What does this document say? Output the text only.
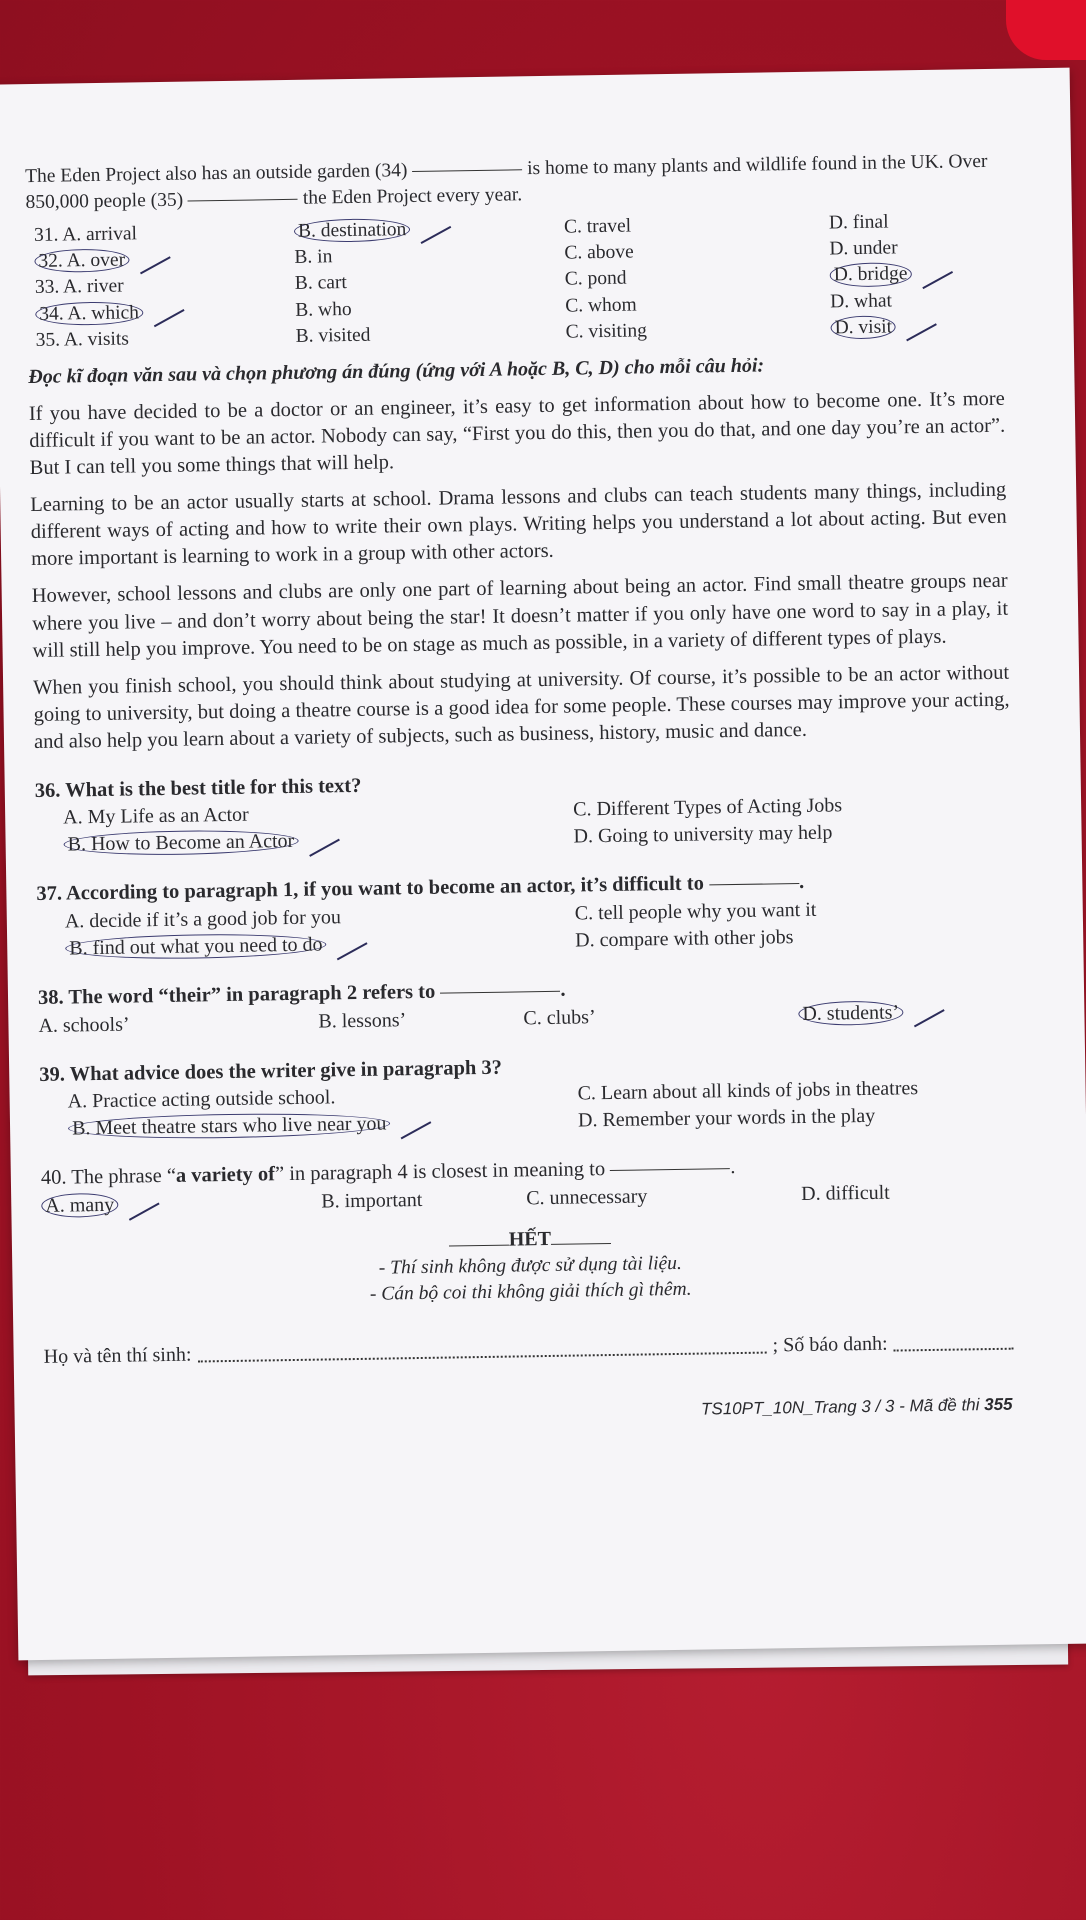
The Eden Project also has an outside garden (34)	is home to many plants and wildlife found in the UK. Over 850,000 people (35)	the Eden Project every year.

31. A. arrival	B. destination	C. travel	D. final
32. A. over	B. in	C. above	D. under
33. A. river	B. cart	C. pond	D. bridge
34. A. which	B. who	C. whom	D. what
35. A. visits	B. visited	C. visiting	D. visit

Đọc kĩ đoạn văn sau và chọn phương án đúng (ứng với A hoặc B, C, D) cho mỗi câu hỏi:

If you have decided to be a doctor or an engineer, it’s easy to get information about how to become one. It’s more difficult if you want to be an actor. Nobody can say, “First you do this, then you do that, and one day you’re an actor”. But I can tell you some things that will help.

Learning to be an actor usually starts at school. Drama lessons and clubs can teach students many things, including different ways of acting and how to write their own plays. Writing helps you understand a lot about acting. But even more important is learning to work in a group with other actors.

However, school lessons and clubs are only one part of learning about being an actor. Find small theatre groups near where you live – and don’t worry about being the star! It doesn’t matter if you only have one word to say in a play, it will still help you improve. You need to be on stage as much as possible, in a variety of different types of plays.

When you finish school, you should think about studying at university. Of course, it’s possible to be an actor without going to university, but doing a theatre course is a good idea for some people. These courses may improve your acting, and also help you learn about a variety of subjects, such as business, history, music and dance.

36. What is the best title for this text?
A. My Life as an Actor	C. Different Types of Acting Jobs
B. How to Become an Actor	D. Going to university may help
37. According to paragraph 1, if you want to become an actor, it’s difficult to	.
A. decide if it’s a good job for you	C. tell people why you want it
B. find out what you need to do	D. compare with other jobs
38. The word “their” in paragraph 2 refers to	.
A. schools’	B. lessons’	C. clubs’	D. students’
39. What advice does the writer give in paragraph 3?
A. Practice acting outside school.	C. Learn about all kinds of jobs in theatres
B. Meet theatre stars who live near you	D. Remember your words in the play
40. The phrase “a variety of” in paragraph 4 is closest in meaning to	.
A. many	B. important	C. unnecessary	D. difficult
HẾT

- Thí sinh không được sử dụng tài liệu.

- Cán bộ coi thi không giải thích gì thêm.

Họ và tên thí sinh:	; Số báo danh:
TS10PT_10N_Trang 3 / 3 - Mã đề thi 355
